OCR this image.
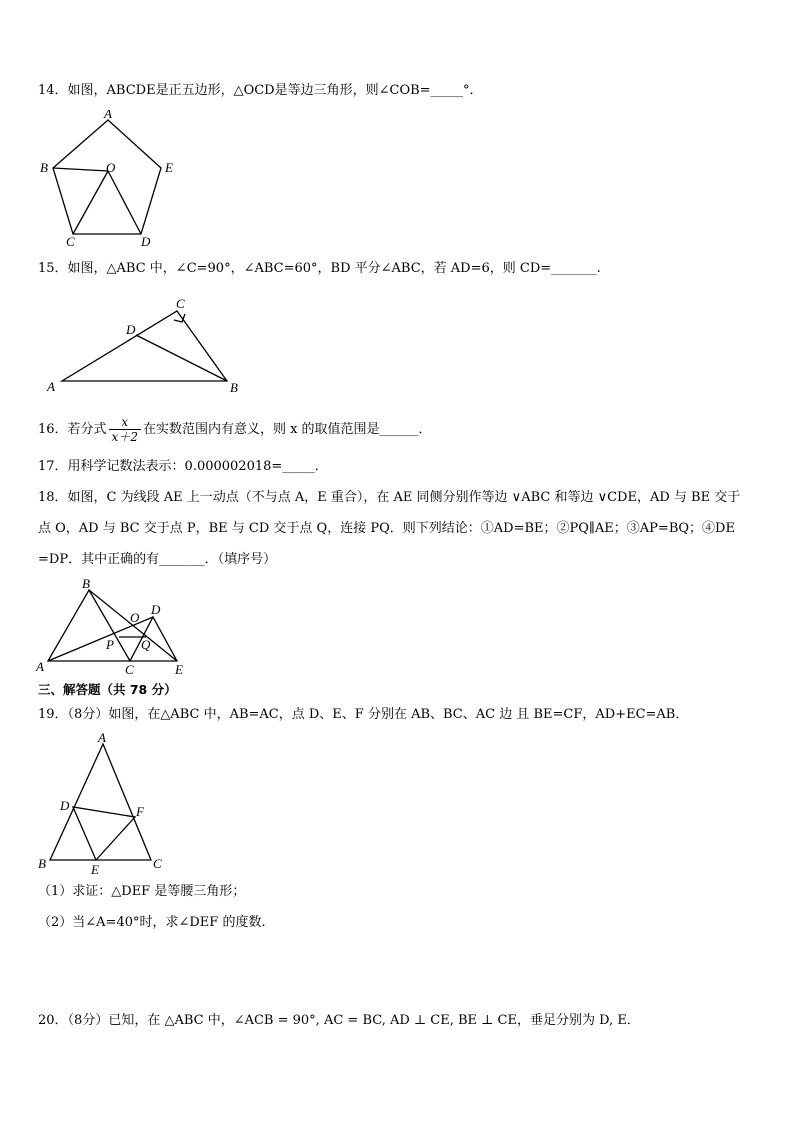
14．如图，ABCDE是正五边形，△OCD是等边三角形，则∠COB=_____°．
A
B	O	E
C	D
15．如图，△ABC 中，∠C=90°，∠ABC=60°，BD 平分∠ABC，若 AD=6，则 CD=_______.
A	B
C
D
16．若分式 $\frac{x}{x+2}$ 在实数范围内有意义，则 x 的取值范围是______．
17．用科学记数法表示：0.000002018=_____．
18．如图，C 为线段 AE 上一动点（不与点 A，E 重合），在 AE 同侧分别作等边 ∨ABC 和等边 ∨CDE，AD 与 BE 交于
点 O，AD 与 BC 交于点 P，BE 与 CD 交于点 Q，连接 PQ．则下列结论：①AD=BE；②PQ∥AE；③AP=BQ；④DE
=DP．其中正确的有_______．（填序号）
A
B
C
D
E
O
P Q
三、解答题（共 78 分）
19．（8分）如图，在△ABC 中，AB=AC，点 D、E、F 分别在 AB、BC、AC 边 且 BE=CF，AD+EC=AB．
A
B	C
D
E
F
（1）求证：△DEF 是等腰三角形；
（2）当∠A=40°时，求∠DEF 的度数．
20．（8分）已知，在 △ABC 中，∠ACB = 90°, AC = BC, AD ⊥ CE, BE ⊥ CE，垂足分别为 D, E．
